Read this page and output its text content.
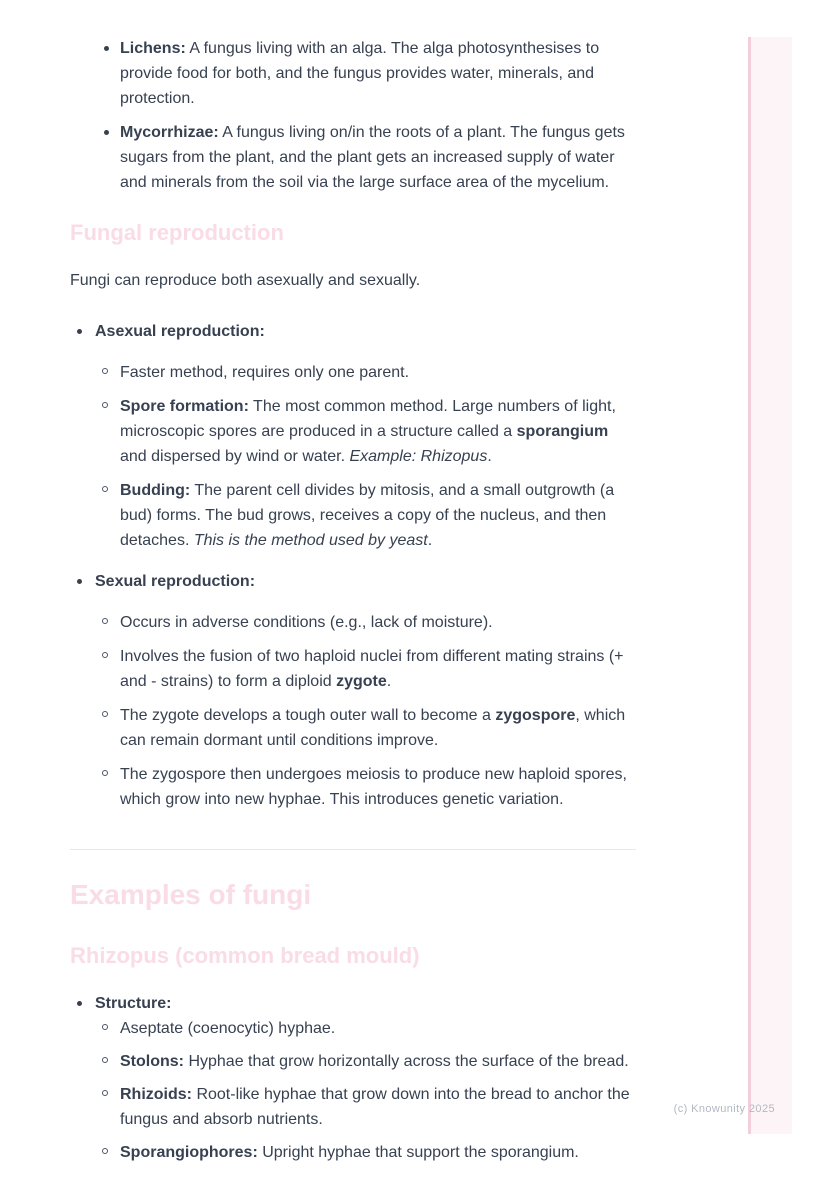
Lichens: A fungus living with an alga. The alga photosynthesises to provide food for both, and the fungus provides water, minerals, and protection.
Mycorrhizae: A fungus living on/in the roots of a plant. The fungus gets sugars from the plant, and the plant gets an increased supply of water and minerals from the soil via the large surface area of the mycelium.
Fungal reproduction

Fungi can reproduce both asexually and sexually.

Asexual reproduction:
Faster method, requires only one parent.
Spore formation: The most common method. Large numbers of light, microscopic spores are produced in a structure called a sporangium and dispersed by wind or water. Example: Rhizopus.
Budding: The parent cell divides by mitosis, and a small outgrowth (a bud) forms. The bud grows, receives a copy of the nucleus, and then detaches. This is the method used by yeast.
Sexual reproduction:
Occurs in adverse conditions (e.g., lack of moisture).
Involves the fusion of two haploid nuclei from different mating strains (+ and - strains) to form a diploid zygote.
The zygote develops a tough outer wall to become a zygospore, which can remain dormant until conditions improve.
The zygospore then undergoes meiosis to produce new haploid spores, which grow into new hyphae. This introduces genetic variation.
Examples of fungi
Rhizopus (common bread mould)
Structure:
Aseptate (coenocytic) hyphae.
Stolons: Hyphae that grow horizontally across the surface of the bread.
Rhizoids: Root-like hyphae that grow down into the bread to anchor the fungus and absorb nutrients.
Sporangiophores: Upright hyphae that support the sporangium.
(c) Knowunity 2025
